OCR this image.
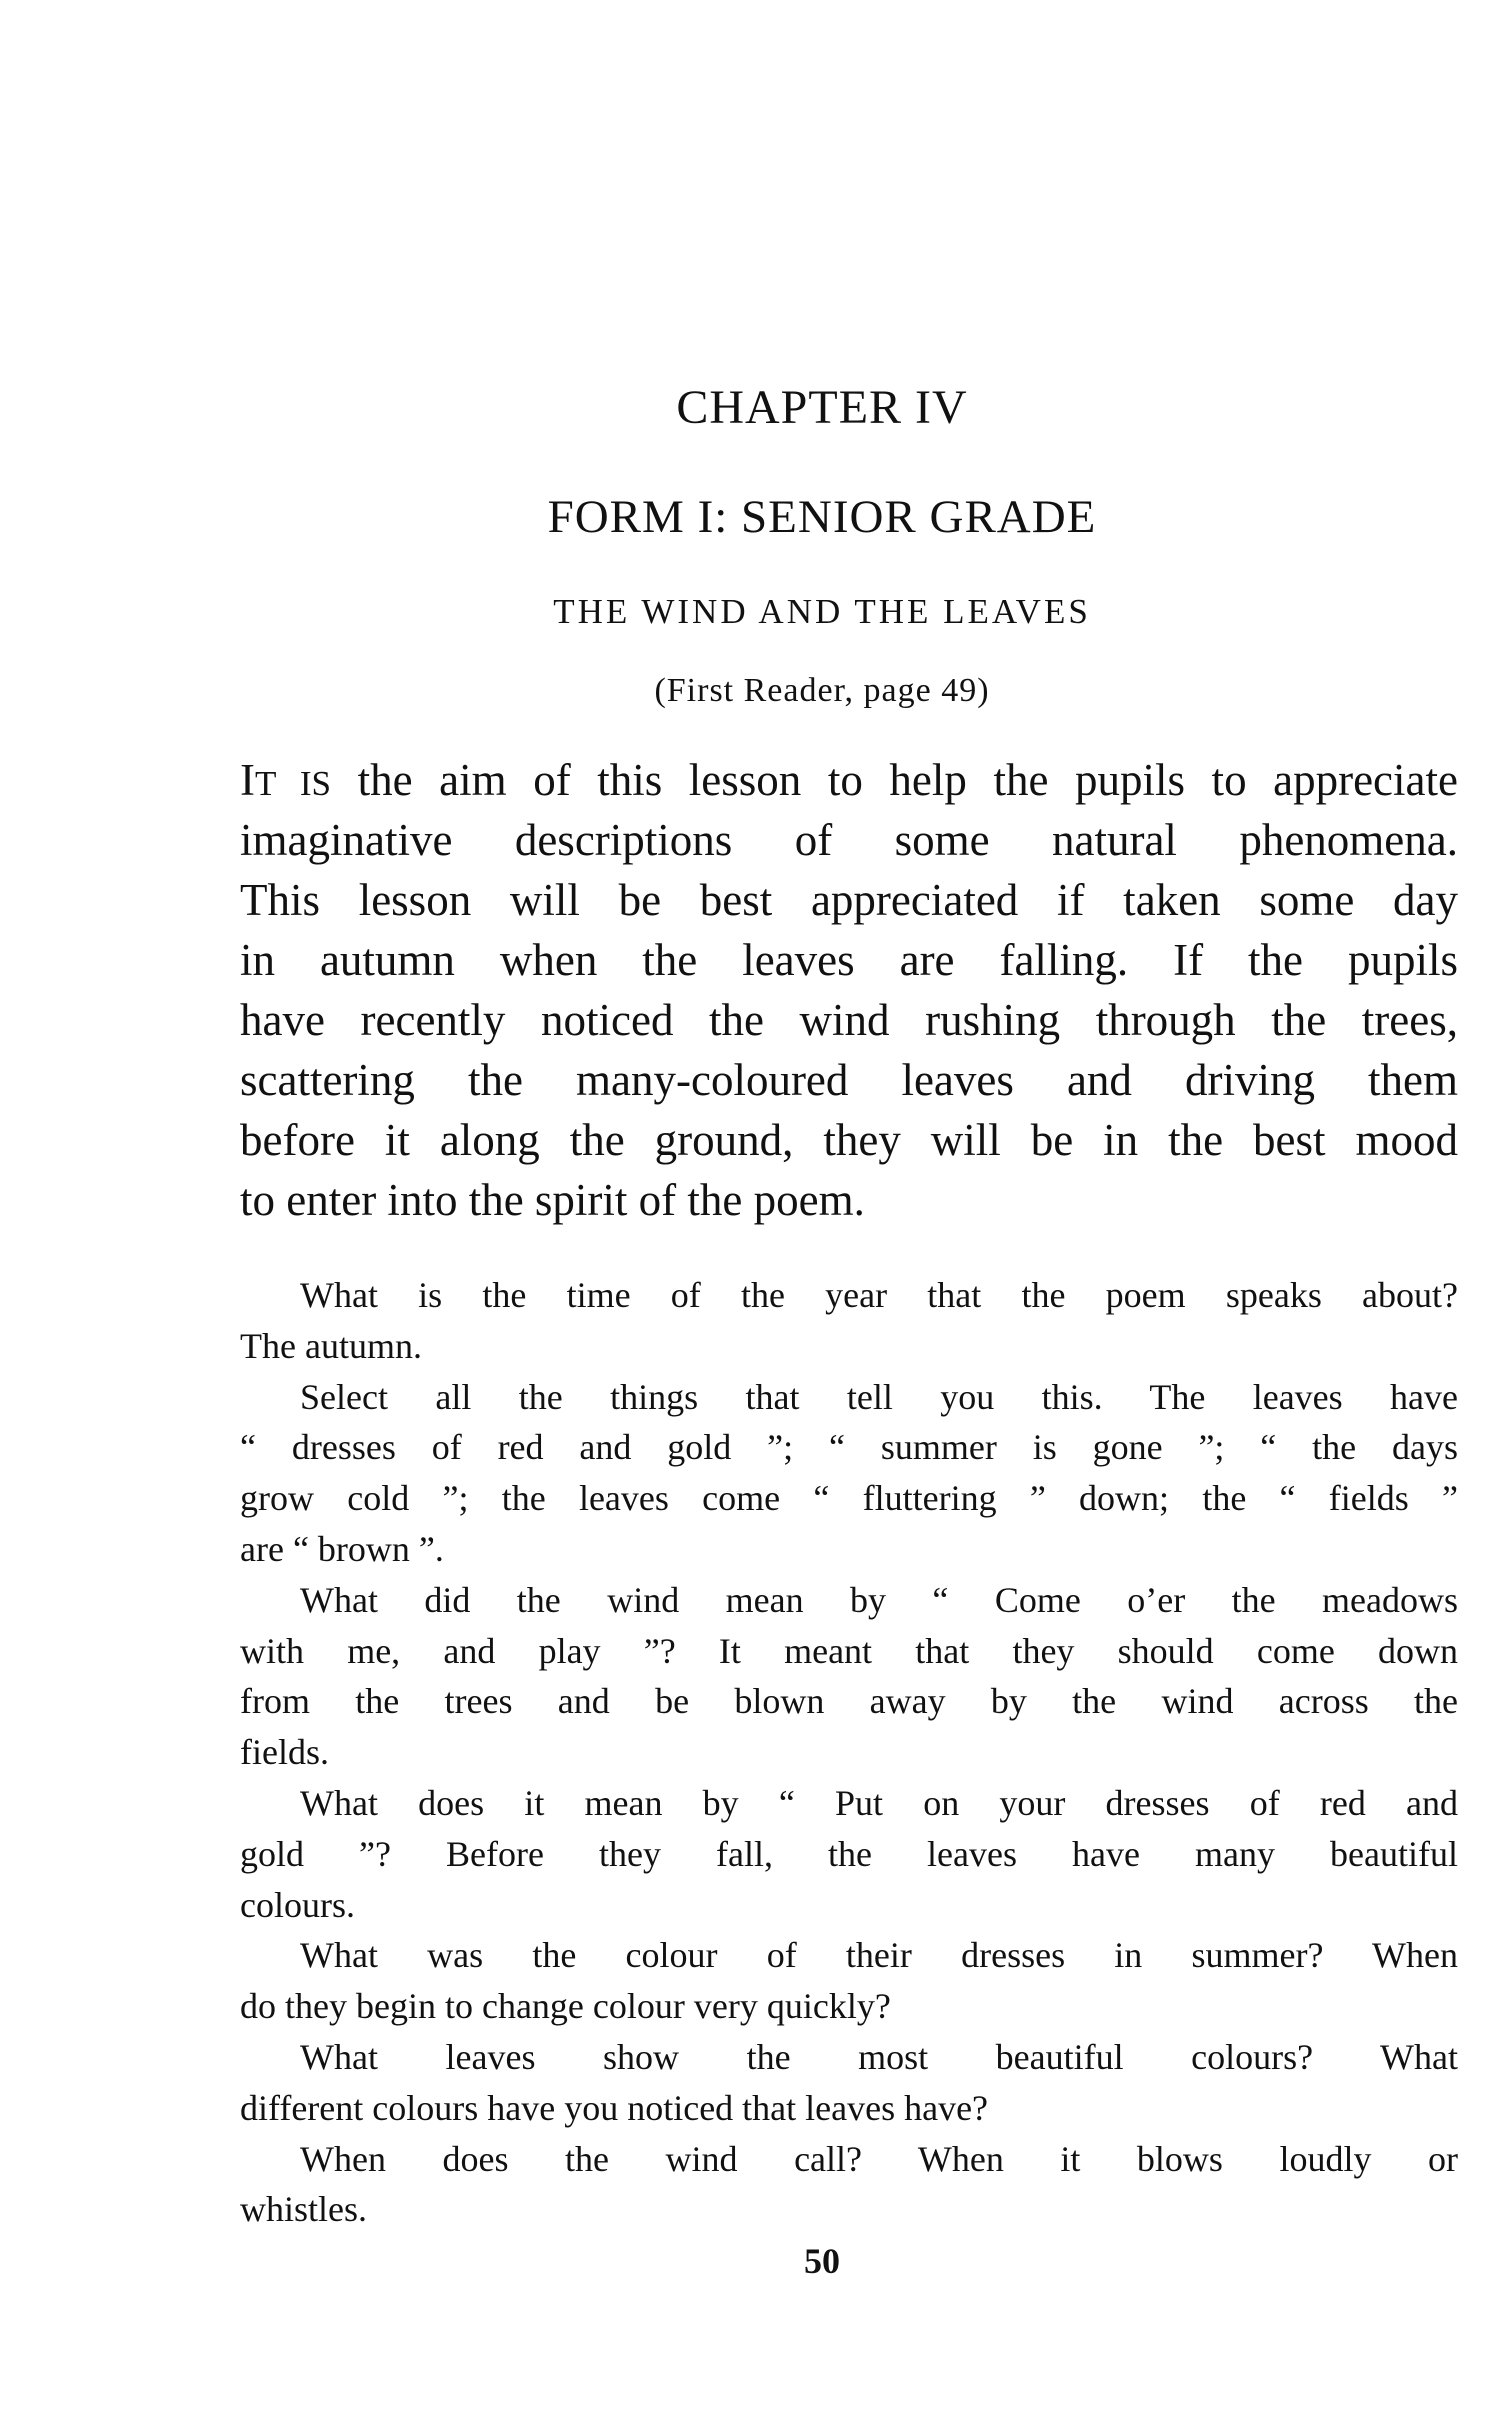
CHAPTER IV
FORM I: SENIOR GRADE
THE WIND AND THE LEAVES
(First Reader, page 49)
IT IS the aim of this lesson to help the pupils to appreciate
imaginative descriptions of some natural phenomena.
This lesson will be best appreciated if taken some day
in autumn when the leaves are falling. If the pupils
have recently noticed the wind rushing through the trees,
scattering the many-coloured leaves and driving them
before it along the ground, they will be in the best mood
to enter into the spirit of the poem.
What is the time of the year that the poem speaks about?
The autumn.
Select all the things that tell you this. The leaves have
“ dresses of red and gold ”; “ summer is gone ”; “ the days
grow cold ”; the leaves come “ fluttering ” down; the “ fields ”
are “ brown ”.
What did the wind mean by “ Come o’er the meadows
with me, and play ”? It meant that they should come down
from the trees and be blown away by the wind across the
fields.
What does it mean by “ Put on your dresses of red and
gold ”? Before they fall, the leaves have many beautiful
colours.
What was the colour of their dresses in summer? When
do they begin to change colour very quickly?
What leaves show the most beautiful colours? What
different colours have you noticed that leaves have?
When does the wind call? When it blows loudly or
whistles.
50
